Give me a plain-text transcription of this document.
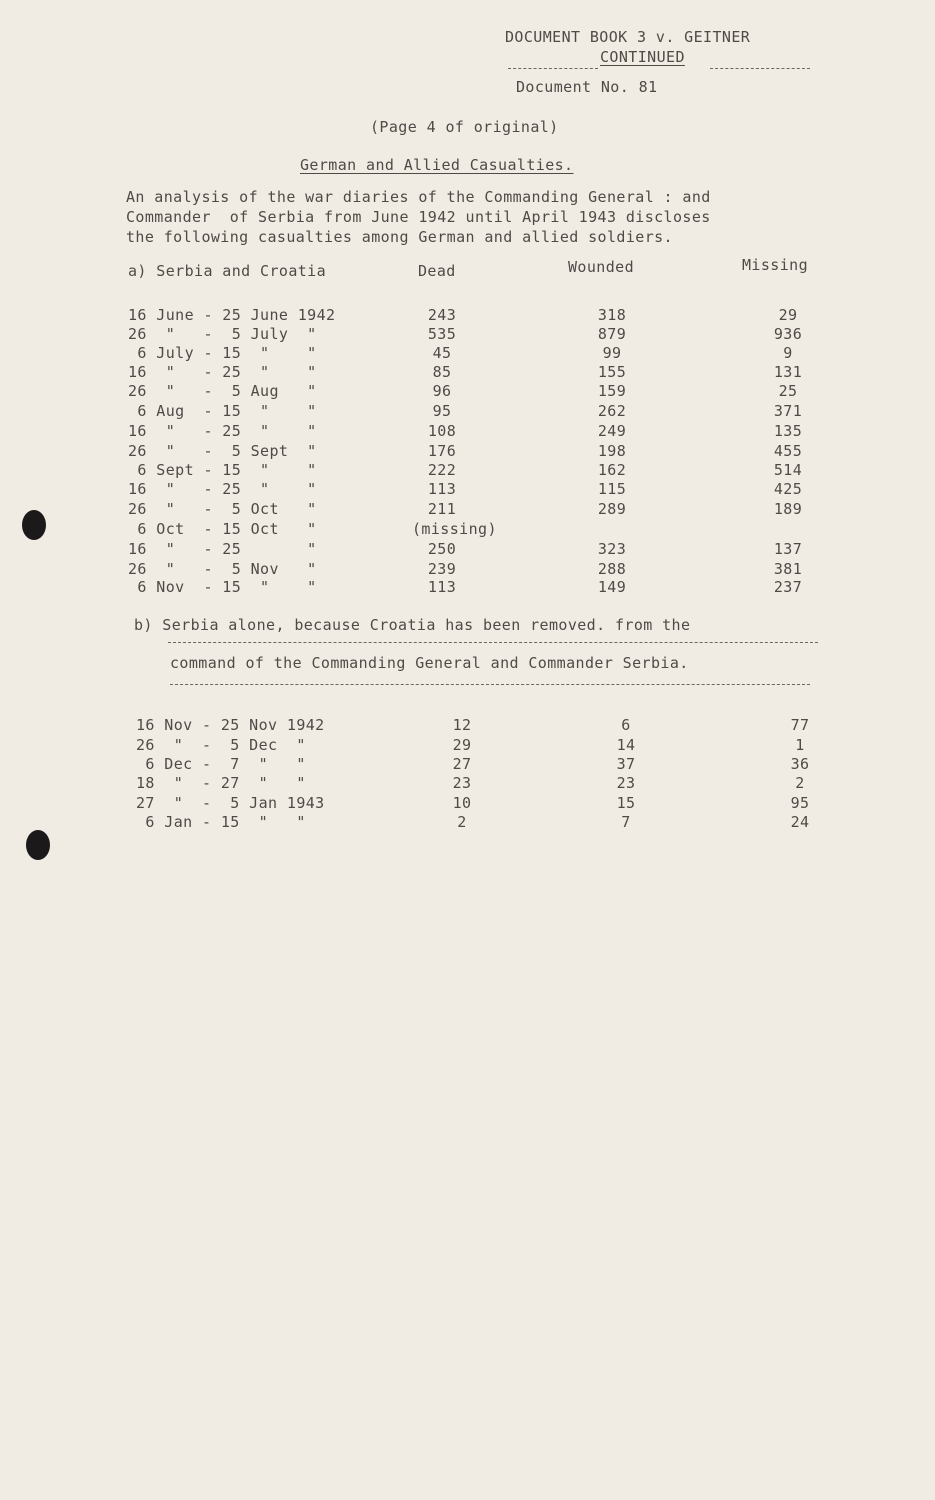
DOCUMENT BOOK 3 v. GEITNER
CONTINUED
Document No. 81
(Page 4 of original)
German and Allied Casualties.
An analysis of the war diaries of the Commanding General : and
Commander  of Serbia from June 1942 until April 1943 discloses
the following casualties among German and allied soldiers.
a) Serbia and Croatia	Dead	Wounded	Missing
16 June - 25 June 1942	243	318	29
26  "   -  5 July  "	535	879	936
6 July - 15  "    "	45	99	9
16  "   - 25  "    "	85	155	131
26  "   -  5 Aug   "	96	159	25
6 Aug  - 15  "    "	95	262	371
16  "   - 25  "    "	108	249	135
26  "   -  5 Sept  "	176	198	455
6 Sept - 15  "    "	222	162	514
16  "   - 25  "    "	113	115	425
26  "   -  5 Oct   "	211	289	189
6 Oct  - 15 Oct   "	(missing)
16  "   - 25       "	250	323	137
26  "   -  5 Nov   "	239	288	381
6 Nov  - 15  "    "	113	149	237
b) Serbia alone, because Croatia has been removed. from the
command of the Commanding General and Commander Serbia.
16 Nov - 25 Nov 1942	12	6	77
26  "  -  5 Dec  "	29	14	1
6 Dec -  7  "   "	27	37	36
18  "  - 27  "   "	23	23	2
27  "  -  5 Jan 1943	10	15	95
6 Jan - 15  "   "	2	7	24
